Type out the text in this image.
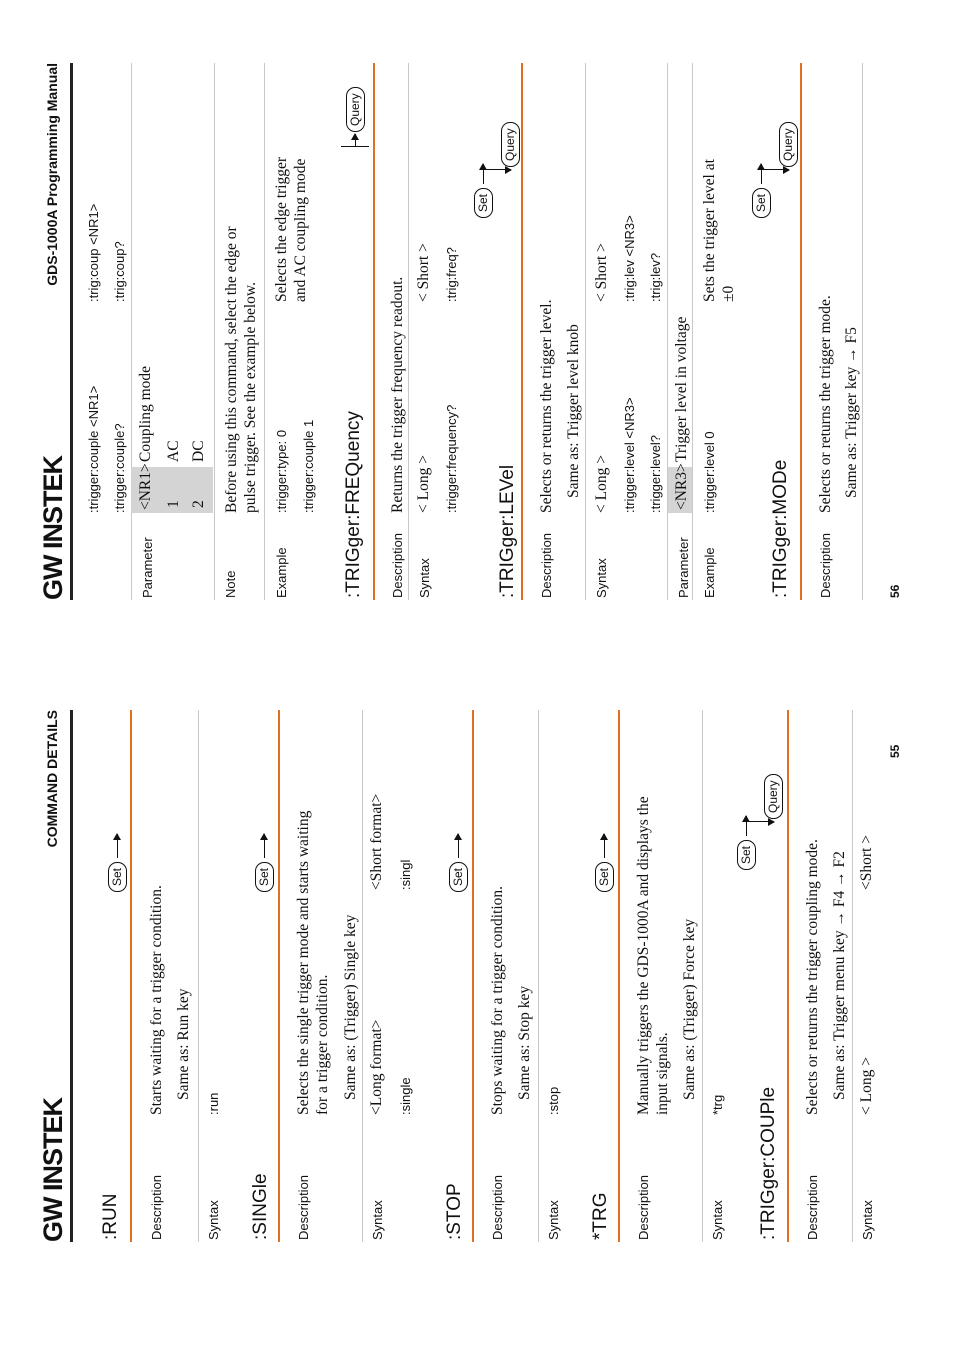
GW INSTEK
COMMAND DETAILS
:RUN Description
Starts waiting for a trigger condition. Same as: Run key
Syntax
:run
Set
:SINGle Description
Selects the single trigger mode and starts waiting for a trigger condition. Same as: (Trigger) Single key
Syntax
<Long format>
<Short format>
:single
:singl
Set
:STOP Description
Stops waiting for a trigger condition. Same as: Stop key
Syntax
:stop
Set
*TRG Description
Manually triggers the GDS-1000A and displays the input signals. Same as: (Trigger) Force key
Syntax
*trg
Set
:TRIGger:COUPle Description
Selects or returns the trigger coupling mode. Same as: Trigger menu key → F4 → F2
Syntax
< Long >
<Short >
Set
Query
55
GW INSTEK
GDS-1000A Programming Manual
:trigger:couple <NR1>
:trig:coup <NR1>
:trigger:couple?
:trig:coup?
Parameter
<NR1>
Coupling mode
1
AC
2
DC
Note
Before using this command, select the edge or pulse trigger. See the example below.
Example
:trigger:type: 0
Selects the edge trigger
:trigger:couple 1
and AC coupling mode
:TRIGger:FREQuency Description
Returns the trigger frequency readout.
Syntax
< Long >
< Short >
:trigger:frequency?
:trig:freq?
Query
:TRIGger:LEVel Description
Selects or returns the trigger level. Same as: Trigger level knob
Syntax
< Long >
< Short >
:trigger:level <NR3>
:trig:lev <NR3>
:trigger:level?
:trig:lev?
Parameter
<NR3>
Trigger level in voltage
Example
:trigger:level 0
Sets the trigger level at ±0
Set
Query
:TRIGger:MODe Description
Selects or returns the trigger mode. Same as: Trigger key → F5
Set
Query
56
